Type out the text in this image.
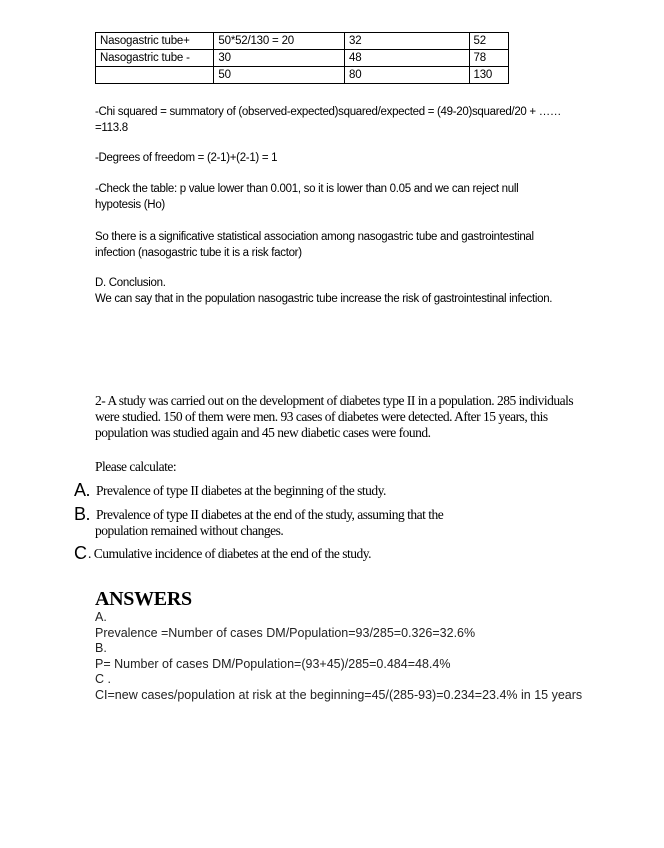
Nasogastric tube+	50*52/130 = 20	32	52
Nasogastric tube -	30	48	78
	50	80	130
-Chi squared = summatory of (observed-expected)squared/expected = (49-20)squared/20 + ……=113.8
-Degrees of freedom = (2-1)+(2-1) = 1
-Check the table: p value lower than 0.001, so it is lower than 0.05 and we can reject null hypotesis (Ho)
So there is a significative statistical association among nasogastric tube and gastrointestinal infection (nasogastric tube it is a risk factor)
D. Conclusion.
We can say that in the population nasogastric tube increase the risk of gastrointestinal infection.
2- A study was carried out on the development of diabetes type II in a population. 285 individuals were studied. 150 of them were men. 93 cases of diabetes were detected. After 15 years, this population was studied again and 45 new diabetic cases were found.
Please calculate:
A. Prevalence of type II diabetes at the beginning of the study.
B. Prevalence of type II diabetes at the end of the study, assuming that the
population remained without changes.
C . Cumulative incidence of diabetes at the end of the study.
ANSWERS
A.
Prevalence =Number of cases DM/Population=93/285=0.326=32.6%
B.
P= Number of cases DM/Population=(93+45)/285=0.484=48.4%
C .
CI=new cases/population at risk at the beginning=45/(285-93)=0.234=23.4% in 15 years
